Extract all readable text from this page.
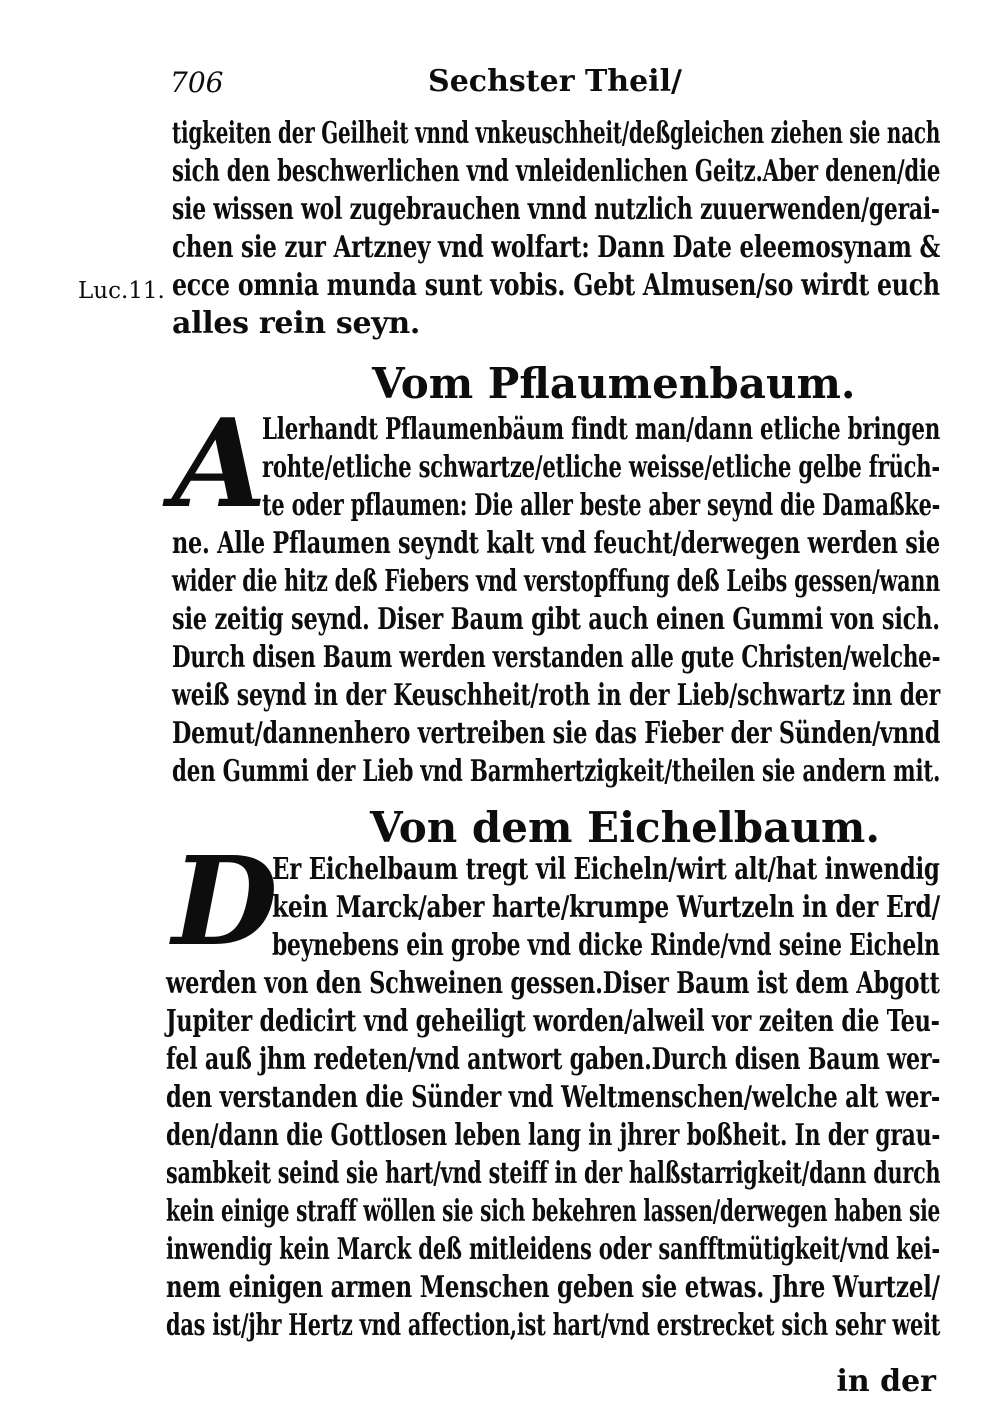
706	Sechster Theil/
Luc.11.
tigkeiten der Geilheit vnnd vnkeuschheit/deßgleichen ziehen sie nach
sich den beschwerlichen vnd vnleidenlichen Geitz.Aber denen/die
sie wissen wol zugebrauchen vnnd nutzlich zuuerwenden/gerai-
chen sie zur Artzney vnd wolfart: Dann Date eleemosynam &
ecce omnia munda sunt vobis. Gebt Almusen/so wirdt euch
alles rein seyn.
Vom Pflaumenbaum.
A
Llerhandt Pflaumenbäum findt man/dann etliche bringen
rohte/etliche schwartze/etliche weisse/etliche gelbe früch-
te oder pflaumen: Die aller beste aber seynd die Damaßke-
ne. Alle Pflaumen seyndt kalt vnd feucht/derwegen werden sie
wider die hitz deß Fiebers vnd verstopffung deß Leibs gessen/wann
sie zeitig seynd. Diser Baum gibt auch einen Gummi von sich.
Durch disen Baum werden verstanden alle gute Christen/welche-
weiß seynd in der Keuschheit/roth in der Lieb/schwartz inn der
Demut/dannenhero vertreiben sie das Fieber der Sünden/vnnd
den Gummi der Lieb vnd Barmhertzigkeit/theilen sie andern mit.
Von dem Eichelbaum.
D
Er Eichelbaum tregt vil Eicheln/wirt alt/hat inwendig
kein Marck/aber harte/krumpe Wurtzeln in der Erd/
beynebens ein grobe vnd dicke Rinde/vnd seine Eicheln
werden von den Schweinen gessen.Diser Baum ist dem Abgott
Jupiter dedicirt vnd geheiligt worden/alweil vor zeiten die Teu-
fel auß jhm redeten/vnd antwort gaben.Durch disen Baum wer-
den verstanden die Sünder vnd Weltmenschen/welche alt wer-
den/dann die Gottlosen leben lang in jhrer boßheit. In der grau-
sambkeit seind sie hart/vnd steiff in der halßstarrigkeit/dann durch
kein einige straff wöllen sie sich bekehren lassen/derwegen haben sie
inwendig kein Marck deß mitleidens oder sanfftmütigkeit/vnd kei-
nem einigen armen Menschen geben sie etwas. Jhre Wurtzel/
das ist/jhr Hertz vnd affection,ist hart/vnd erstrecket sich sehr weit
in der
